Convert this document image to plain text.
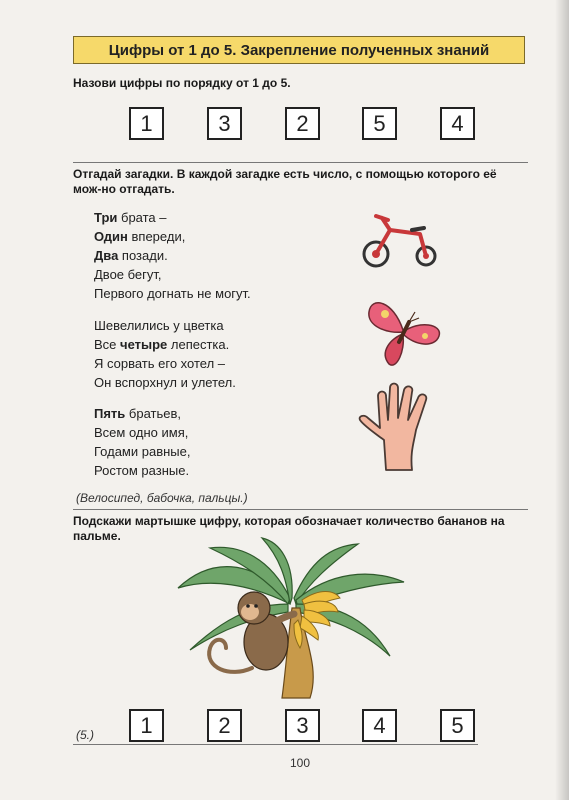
Цифры от 1 до 5. Закрепление полученных знаний
Назови цифры по порядку от 1 до 5.
1	3	2	5	4
Отгадай загадки. В каждой загадке есть число, с помощью которого её мож-но отгадать.
Три брата –
Один впереди,
Два позади.
Двое бегут,
Первого догнать не могут.
Шевелились у цветка
Все четыре лепестка.
Я сорвать его хотел –
Он вспорхнул и улетел.
Пять братьев,
Всем одно имя,
Годами равные,
Ростом разные.
(Велосипед, бабочка, пальцы.)
Подскажи мартышке цифру, которая обозначает количество бананов на пальме.
(5.)	1	2	3	4	5
100
